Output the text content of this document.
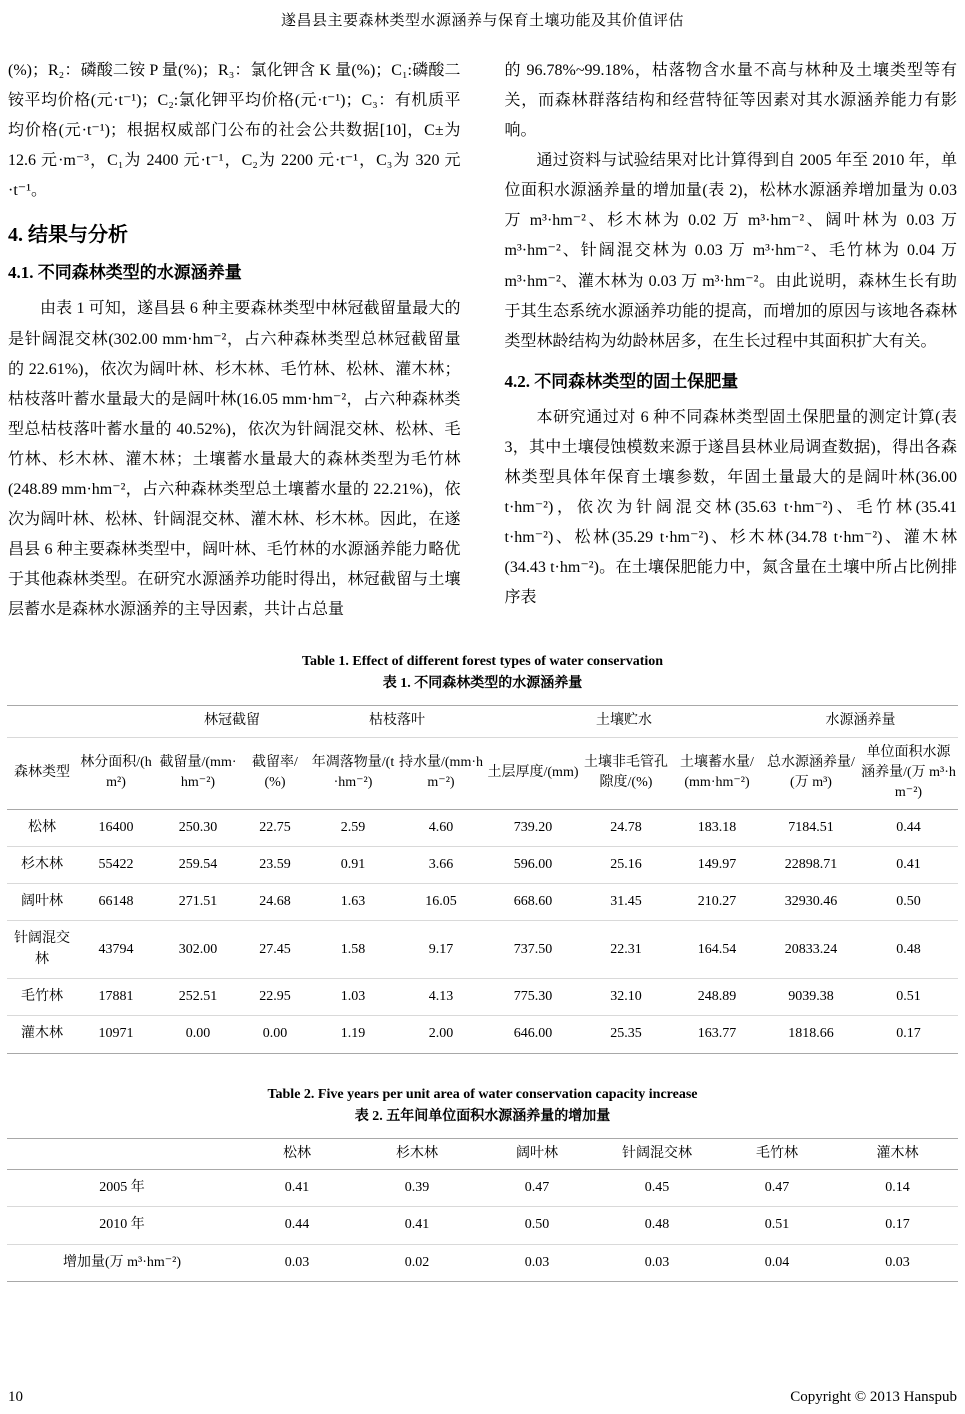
遂昌县主要森林类型水源涵养与保育土壤功能及其价值评估

(%)；R₂：磷酸二铵 P 量(%)；R₃：氯化钾含 K 量(%)；C₁:磷酸二铵平均价格(元·t⁻¹)；C₂:氯化钾平均价格(元·t⁻¹)；C₃：有机质平均价格(元·t⁻¹)；根据权威部门公布的社会公共数据[10]，C±为 12.6 元·m⁻³，C₁为 2400 元·t⁻¹，C₂为 2200 元·t⁻¹，C₃为 320 元·t⁻¹。

4. 结果与分析
4.1. 不同森林类型的水源涵养量

由表 1 可知，遂昌县 6 种主要森林类型中林冠截留量最大的是针阔混交林(302.00 mm·hm⁻²，占六种森林类型总林冠截留量的 22.61%)，依次为阔叶林、杉木林、毛竹林、松林、灌木林；枯枝落叶蓄水量最大的是阔叶林(16.05 mm·hm⁻²，占六种森林类型总枯枝落叶蓄水量的 40.52%)，依次为针阔混交林、松林、毛竹林、杉木林、灌木林；土壤蓄水量最大的森林类型为毛竹林(248.89 mm·hm⁻²，占六种森林类型总土壤蓄水量的 22.21%)，依次为阔叶林、松林、针阔混交林、灌木林、杉木林。因此，在遂昌县 6 种主要森林类型中，阔叶林、毛竹林的水源涵养能力略优于其他森林类型。在研究水源涵养功能时得出，林冠截留与土壤层蓄水是森林水源涵养的主导因素，共计占总量

的 96.78%~99.18%，枯落物含水量不高与林种及土壤类型等有关，而森林群落结构和经营特征等因素对其水源涵养能力有影响。

通过资料与试验结果对比计算得到自 2005 年至 2010 年，单位面积水源涵养量的增加量(表 2)，松林水源涵养增加量为 0.03 万 m³·hm⁻²、杉木林为 0.02 万 m³·hm⁻²、阔叶林为 0.03 万 m³·hm⁻²、针阔混交林为 0.03 万 m³·hm⁻²、毛竹林为 0.04 万 m³·hm⁻²、灌木林为 0.03 万 m³·hm⁻²。由此说明，森林生长有助于其生态系统水源涵养功能的提高，而增加的原因与该地各森林类型林龄结构为幼龄林居多，在生长过程中其面积扩大有关。

4.2. 不同森林类型的固土保肥量

本研究通过对 6 种不同森林类型固土保肥量的测定计算(表 3，其中土壤侵蚀模数来源于遂昌县林业局调查数据)，得出各森林类型具体年保育土壤参数，年固土量最大的是阔叶林(36.00 t·hm⁻²)，依次为针阔混交林(35.63 t·hm⁻²)、毛竹林(35.41 t·hm⁻²)、松林(35.29 t·hm⁻²)、杉木林(34.78 t·hm⁻²)、灌木林(34.43 t·hm⁻²)。在土壤保肥能力中，氮含量在土壤中所占比例排序表

Table 1. Effect of different forest types of water conservation
表 1. 不同森林类型的水源涵养量
		林冠截留		枯枝落叶		土壤贮水			水源涵养量	
森林类型	林分面积/(hm²)	截留量/(mm·hm⁻²)	截留率/(%)	年凋落物量/(t·hm⁻²)	持水量/(mm·hm⁻²)	土层厚度/(mm)	土壤非毛管孔隙度/(%)	土壤蓄水量/(mm·hm⁻²)	总水源涵养量/(万 m³)	单位面积水源涵养量/(万 m³·hm⁻²)
松林	16400	250.30	22.75	2.59	4.60	739.20	24.78	183.18	7184.51	0.44
杉木林	55422	259.54	23.59	0.91	3.66	596.00	25.16	149.97	22898.71	0.41
阔叶林	66148	271.51	24.68	1.63	16.05	668.60	31.45	210.27	32930.46	0.50
针阔混交林	43794	302.00	27.45	1.58	9.17	737.50	22.31	164.54	20833.24	0.48
毛竹林	17881	252.51	22.95	1.03	4.13	775.30	32.10	248.89	9039.38	0.51
灌木林	10971	0.00	0.00	1.19	2.00	646.00	25.35	163.77	1818.66	0.17
Table 2. Five years per unit area of water conservation capacity increase
表 2. 五年间单位面积水源涵养量的增加量
	松林	杉木林	阔叶林	针阔混交林	毛竹林	灌木林
2005 年	0.41	0.39	0.47	0.45	0.47	0.14
2010 年	0.44	0.41	0.50	0.48	0.51	0.17
增加量(万 m³·hm⁻²)	0.03	0.02	0.03	0.03	0.04	0.03
10	Copyright © 2013 Hanspub
